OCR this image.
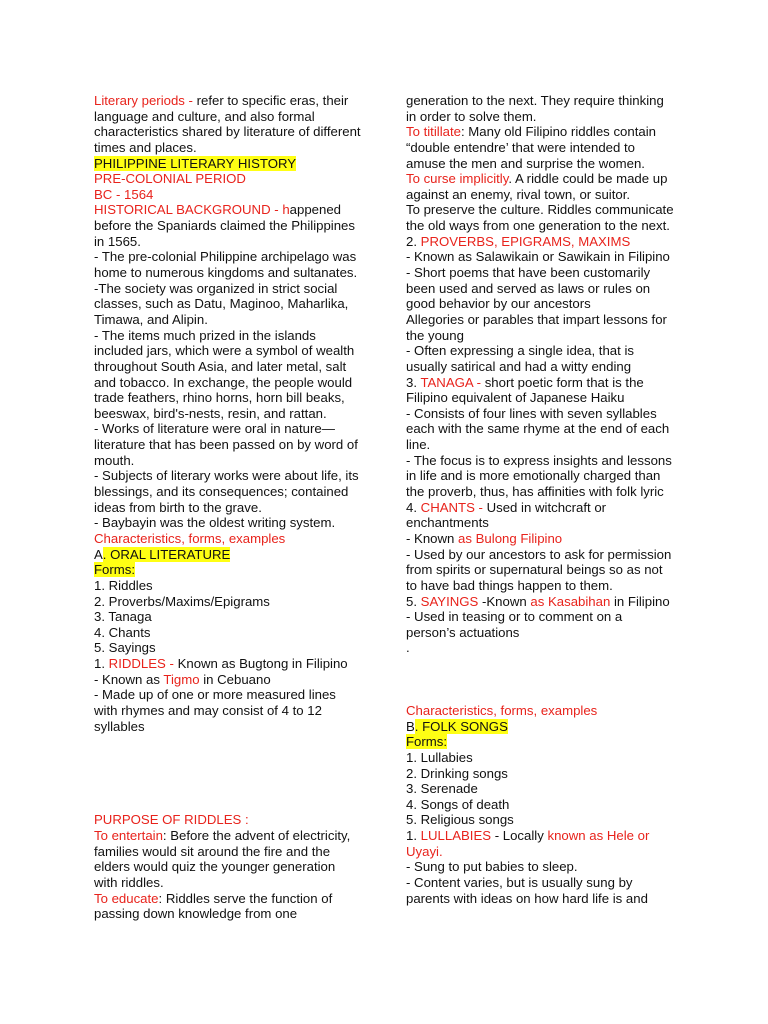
Literary periods - refer to specific eras, their
language and culture, and also formal
characteristics shared by literature of different
times and places.
PHILIPPINE LITERARY HISTORY
PRE-COLONIAL PERIOD
BC - 1564
HISTORICAL BACKGROUND - happened
before the Spaniards claimed the Philippines
in 1565.
- The pre-colonial Philippine archipelago was
home to numerous kingdoms and sultanates.
-The society was organized in strict social
classes, such as Datu, Maginoo, Maharlika,
Timawa, and Alipin.
- The items much prized in the islands
included jars, which were a symbol of wealth
throughout South Asia, and later metal, salt
and tobacco. In exchange, the people would
trade feathers, rhino horns, horn bill beaks,
beeswax, bird's-nests, resin, and rattan.
- Works of literature were oral in nature—
literature that has been passed on by word of
mouth.
- Subjects of literary works were about life, its
blessings, and its consequences; contained
ideas from birth to the grave.
- Baybayin was the oldest writing system.
Characteristics, forms, examples
A. ORAL LITERATURE
Forms:
1. Riddles
2. Proverbs/Maxims/Epigrams
3. Tanaga
4. Chants
5. Sayings
1. RIDDLES - Known as Bugtong in Filipino
- Known as Tigmo in Cebuano
- Made up of one or more measured lines
with rhymes and may consist of 4 to 12
syllables
PURPOSE OF RIDDLES :
To entertain: Before the advent of electricity,
families would sit around the fire and the
elders would quiz the younger generation
with riddles.
To educate: Riddles serve the function of
passing down knowledge from one
generation to the next. They require thinking
in order to solve them.
To titillate: Many old Filipino riddles contain
“double entendre’ that were intended to
amuse the men and surprise the women.
To curse implicitly. A riddle could be made up
against an enemy, rival town, or suitor.
To preserve the culture. Riddles communicate
the old ways from one generation to the next.
2. PROVERBS, EPIGRAMS, MAXIMS
- Known as Salawikain or Sawikain in Filipino
- Short poems that have been customarily
been used and served as laws or rules on
good behavior by our ancestors
Allegories or parables that impart lessons for
the young
- Often expressing a single idea, that is
usually satirical and had a witty ending
3. TANAGA - short poetic form that is the
Filipino equivalent of Japanese Haiku
- Consists of four lines with seven syllables
each with the same rhyme at the end of each
line.
- The focus is to express insights and lessons
in life and is more emotionally charged than
the proverb, thus, has affinities with folk lyric
4. CHANTS - Used in witchcraft or
enchantments
- Known as Bulong Filipino
- Used by our ancestors to ask for permission
from spirits or supernatural beings so as not
to have bad things happen to them.
5. SAYINGS -Known as Kasabihan in Filipino
- Used in teasing or to comment on a
person’s actuations
.
Characteristics, forms, examples
B. FOLK SONGS
Forms:
1. Lullabies
2. Drinking songs
3. Serenade
4. Songs of death
5. Religious songs
1. LULLABIES - Locally known as Hele or
Uyayi.
- Sung to put babies to sleep.
- Content varies, but is usually sung by
parents with ideas on how hard life is and
